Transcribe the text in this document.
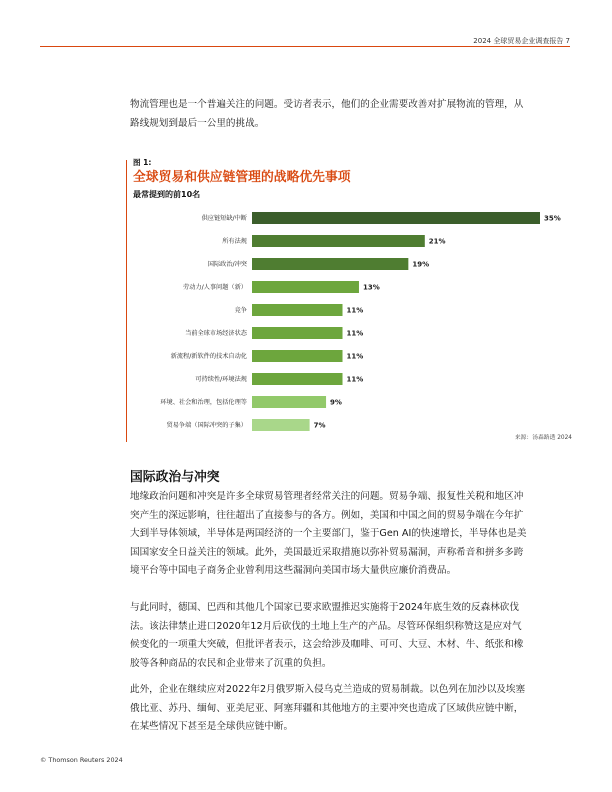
2024 全球贸易企业调查报告 7
物流管理也是一个普遍关注的问题。受访者表示，他们的企业需要改善对扩展物流的管理，从路线规划到最后一公里的挑战。
图 1:
全球贸易和供应链管理的战略优先事项
最常提到的前10名
供应链短缺/中断	35%
所有法规	21%
国际政治/冲突	19%
劳动力/人事问题（新）	13%
竞争	11%
当前全球市场经济状态	11%
新流程/新软件的技术自动化	11%
可持续性/环境法规	11%
环境、社会和治理，包括伦理等	9%
贸易争端（国际冲突的子集）	7%
来源：汤森路透 2024
国际政治与冲突
地缘政治问题和冲突是许多全球贸易管理者经常关注的问题。贸易争端、报复性关税和地区冲突产生的深远影响，往往超出了直接参与的各方。例如，美国和中国之间的贸易争端在今年扩大到半导体领域，半导体是两国经济的一个主要部门，鉴于Gen AI的快速增长，半导体也是美国国家安全日益关注的领域。此外，美国最近采取措施以弥补贸易漏洞，声称希音和拼多多跨境平台等中国电子商务企业曾利用这些漏洞向美国市场大量供应廉价消费品。
与此同时，德国、巴西和其他几个国家已要求欧盟推迟实施将于2024年底生效的反森林砍伐法。该法律禁止进口2020年12月后砍伐的土地上生产的产品。尽管环保组织称赞这是应对气候变化的一项重大突破，但批评者表示，这会给涉及咖啡、可可、大豆、木材、牛、纸张和橡胶等各种商品的农民和企业带来了沉重的负担。
此外，企业在继续应对2022年2月俄罗斯入侵乌克兰造成的贸易制裁。以色列在加沙以及埃塞俄比亚、苏丹、缅甸、亚美尼亚、阿塞拜疆和其他地方的主要冲突也造成了区域供应链中断，在某些情况下甚至是全球供应链中断。
© Thomson Reuters 2024
